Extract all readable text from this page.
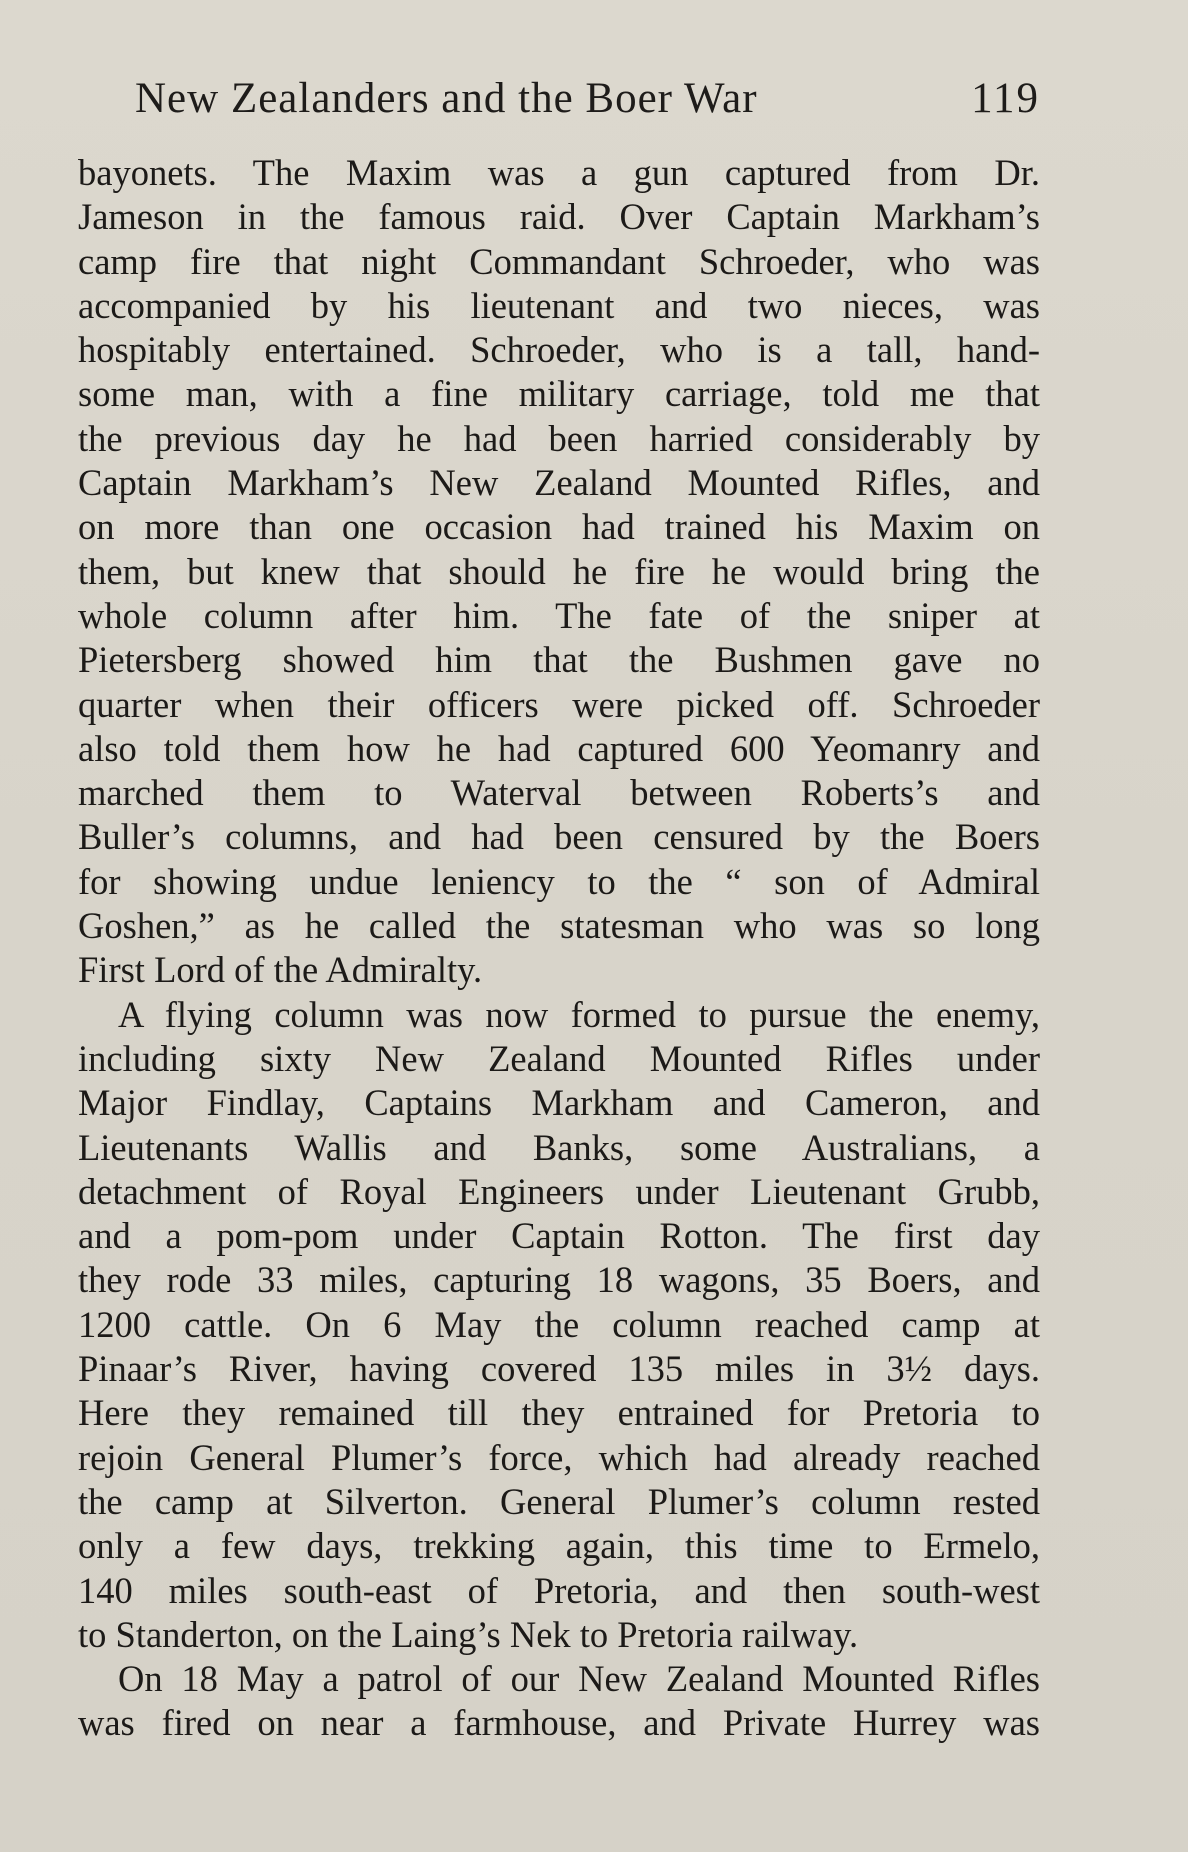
New Zealanders and the Boer War	119
bayonets. The Maxim was a gun captured from Dr.
Jameson in the famous raid. Over Captain Markham’s
camp fire that night Commandant Schroeder, who was
accompanied by his lieutenant and two nieces, was
hospitably entertained. Schroeder, who is a tall, hand-
some man, with a fine military carriage, told me that
the previous day he had been harried considerably by
Captain Markham’s New Zealand Mounted Rifles, and
on more than one occasion had trained his Maxim on
them, but knew that should he fire he would bring the
whole column after him. The fate of the sniper at
Pietersberg showed him that the Bushmen gave no
quarter when their officers were picked off. Schroeder
also told them how he had captured 600 Yeomanry and
marched them to Waterval between Roberts’s and
Buller’s columns, and had been censured by the Boers
for showing undue leniency to the “ son of Admiral
Goshen,” as he called the statesman who was so long
First Lord of the Admiralty.
A flying column was now formed to pursue the enemy,
including sixty New Zealand Mounted Rifles under
Major Findlay, Captains Markham and Cameron, and
Lieutenants Wallis and Banks, some Australians, a
detachment of Royal Engineers under Lieutenant Grubb,
and a pom-pom under Captain Rotton. The first day
they rode 33 miles, capturing 18 wagons, 35 Boers, and
1200 cattle. On 6 May the column reached camp at
Pinaar’s River, having covered 135 miles in 3½ days.
Here they remained till they entrained for Pretoria to
rejoin General Plumer’s force, which had already reached
the camp at Silverton. General Plumer’s column rested
only a few days, trekking again, this time to Ermelo,
140 miles south-east of Pretoria, and then south-west
to Standerton, on the Laing’s Nek to Pretoria railway.
On 18 May a patrol of our New Zealand Mounted Rifles
was fired on near a farmhouse, and Private Hurrey was
